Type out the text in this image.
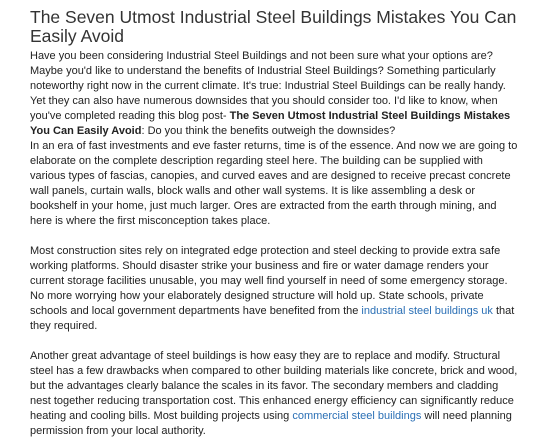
The Seven Utmost Industrial Steel Buildings Mistakes You Can Easily Avoid

Have you been considering Industrial Steel Buildings and not been sure what your options are? Maybe you'd like to understand the benefits of Industrial Steel Buildings? Something particularly noteworthy right now in the current climate. It's true: Industrial Steel Buildings can be really handy. Yet they can also have numerous downsides that you should consider too. I'd like to know, when you've completed reading this blog post- The Seven Utmost Industrial Steel Buildings Mistakes You Can Easily Avoid: Do you think the benefits outweigh the downsides?

In an era of fast investments and eve faster returns, time is of the essence. And now we are going to elaborate on the complete description regarding steel here. The building can be supplied with various types of fascias, canopies, and curved eaves and are designed to receive precast concrete wall panels, curtain walls, block walls and other wall systems. It is like assembling a desk or bookshelf in your home, just much larger. Ores are extracted from the earth through mining, and here is where the first misconception takes place.

Most construction sites rely on integrated edge protection and steel decking to provide extra safe working platforms. Should disaster strike your business and fire or water damage renders your current storage facilities unusable, you may well find yourself in need of some emergency storage. No more worrying how your elaborately designed structure will hold up. State schools, private schools and local government departments have benefited from the industrial steel buildings uk that they required.

Another great advantage of steel buildings is how easy they are to replace and modify. Structural steel has a few drawbacks when compared to other building materials like concrete, brick and wood, but the advantages clearly balance the scales in its favor. The secondary members and cladding nest together reducing transportation cost. This enhanced energy efficiency can significantly reduce heating and cooling bills. Most building projects using commercial steel buildings will need planning permission from your local authority.
